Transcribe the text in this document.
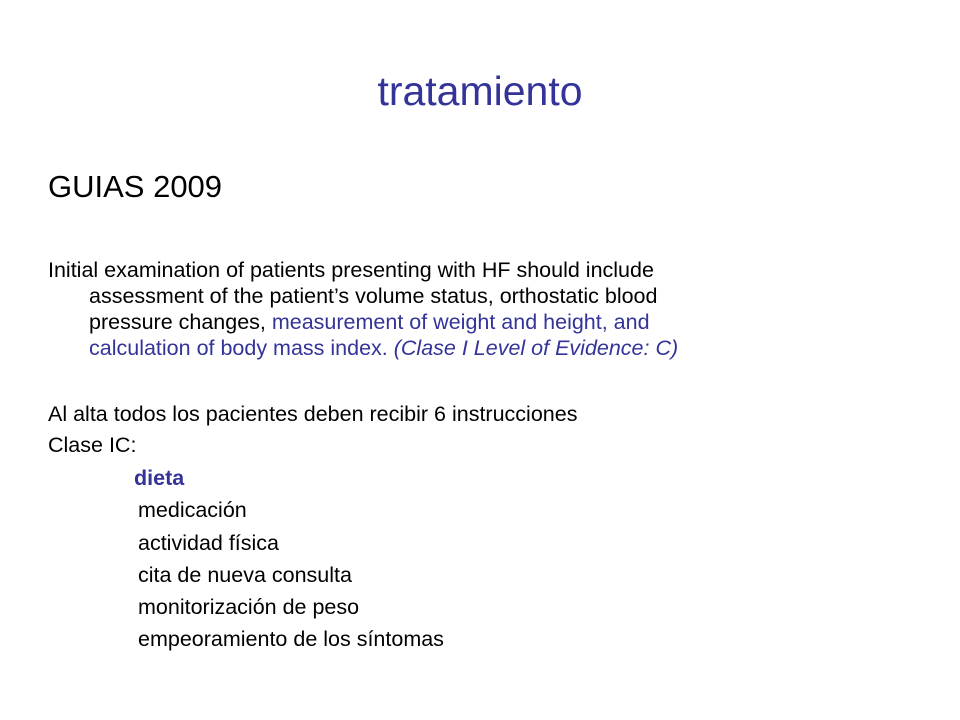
tratamiento
GUIAS 2009
Initial examination of patients presenting with HF should include
assessment of the patient’s volume status, orthostatic blood
pressure changes, measurement of weight and height, and
calculation of body mass index. (Clase I Level of Evidence: C)
Al alta todos los pacientes deben recibir 6 instrucciones
Clase IC:
dieta
medicación
actividad física
cita de nueva consulta
monitorización de peso
empeoramiento de los síntomas
